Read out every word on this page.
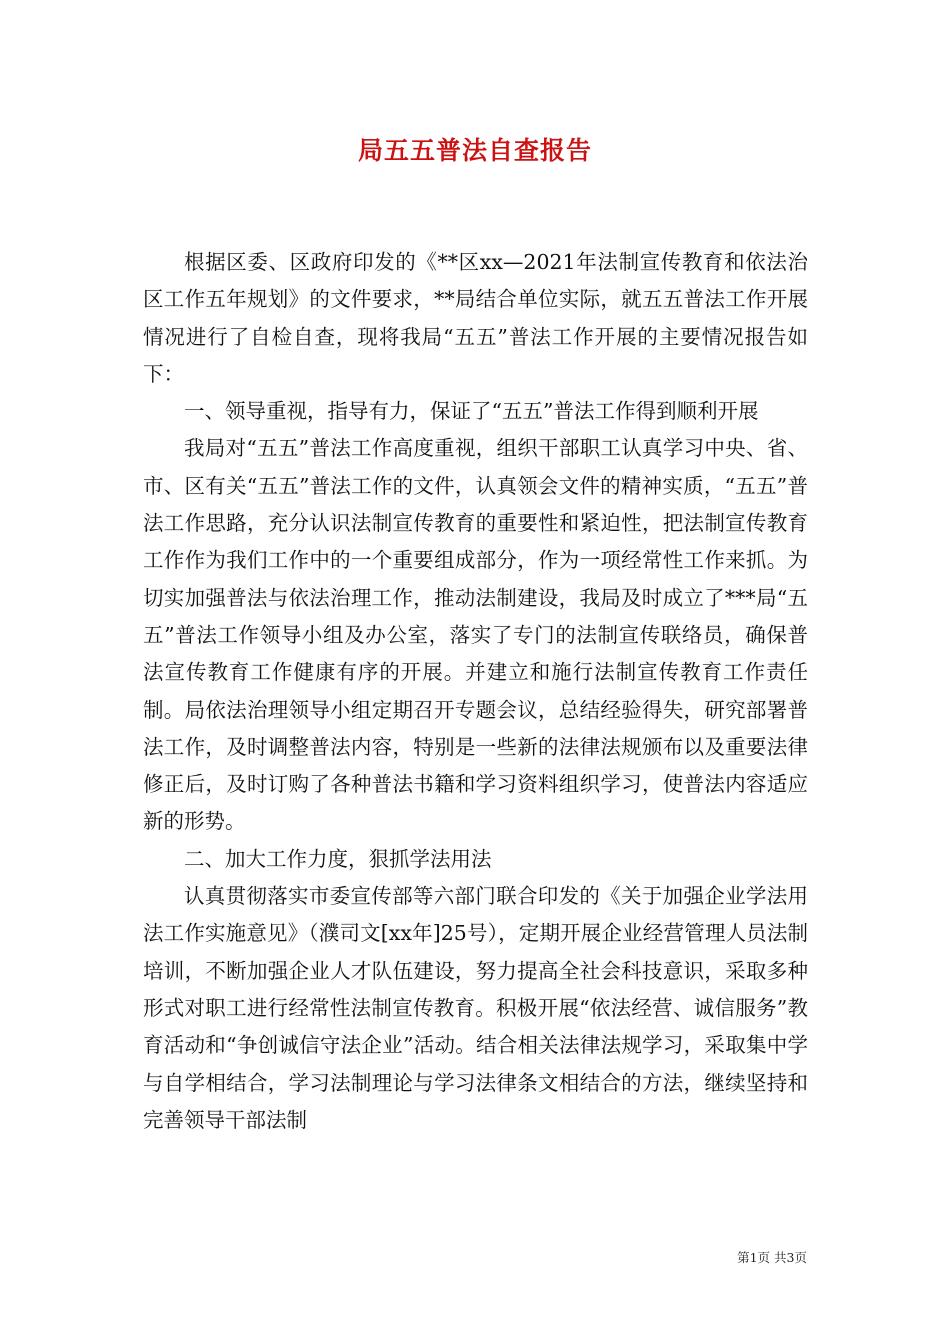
局五五普法自查报告

根据区委、区政府印发的《**区xx—2021年法制宣传教育和依法治区工作五年规划》的文件要求，**局结合单位实际，就五五普法工作开展情况进行了自检自查，现将我局“五五”普法工作开展的主要情况报告如下：

一、领导重视，指导有力，保证了“五五”普法工作得到顺利开展

我局对“五五”普法工作高度重视，组织干部职工认真学习中央、省、市、区有关“五五”普法工作的文件，认真领会文件的精神实质，“五五”普法工作思路，充分认识法制宣传教育的重要性和紧迫性，把法制宣传教育工作作为我们工作中的一个重要组成部分，作为一项经常性工作来抓。为切实加强普法与依法治理工作，推动法制建设，我局及时成立了***局“五五”普法工作领导小组及办公室，落实了专门的法制宣传联络员，确保普法宣传教育工作健康有序的开展。并建立和施行法制宣传教育工作责任制。局依法治理领导小组定期召开专题会议，总结经验得失，研究部署普法工作，及时调整普法内容，特别是一些新的法律法规颁布以及重要法律修正后，及时订购了各种普法书籍和学习资料组织学习，使普法内容适应新的形势。

二、加大工作力度，狠抓学法用法

认真贯彻落实市委宣传部等六部门联合印发的《关于加强企业学法用法工作实施意见》（濮司文[xx年]25号），定期开展企业经营管理人员法制培训，不断加强企业人才队伍建设，努力提高全社会科技意识，采取多种形式对职工进行经常性法制宣传教育。积极开展“依法经营、诚信服务”教育活动和“争创诚信守法企业”活动。结合相关法律法规学习，采取集中学与自学相结合，学习法制理论与学习法律条文相结合的方法，继续坚持和完善领导干部法制

第1页 共3页
